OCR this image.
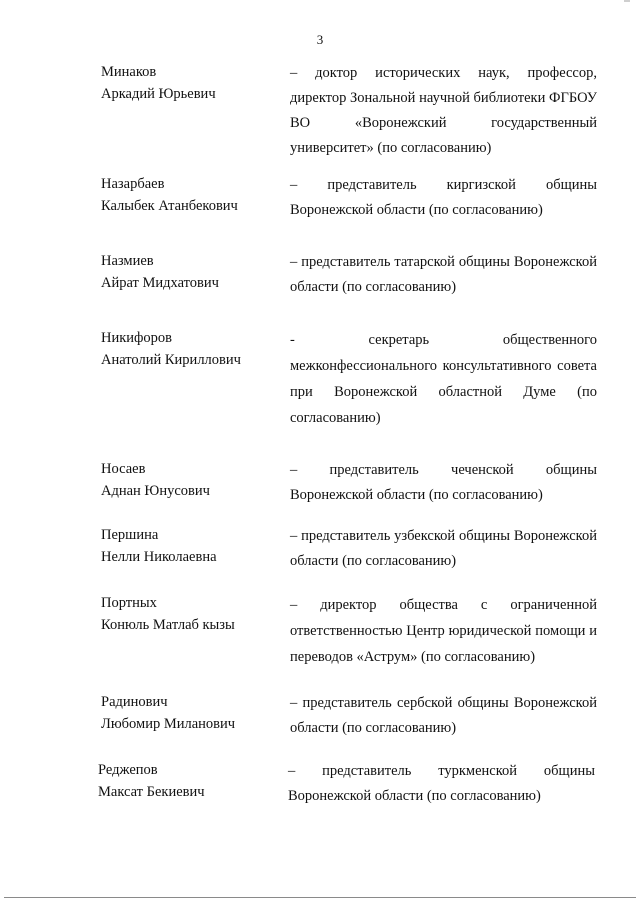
3
Минаков
Аркадий Юрьевич
– доктор исторических наук, профессор, директор Зональной научной библиотеки ФГБОУ ВО «Воронежский государственный университет» (по согласованию)
Назарбаев
Калыбек Атанбекович
– представитель киргизской общины Воронежской области (по согласованию)
Назмиев
Айрат Мидхатович
– представитель татарской общины Воронежской области (по согласованию)
Никифоров
Анатолий Кириллович
- секретарь общественного межконфессионального консультативного совета при Воронежской областной Думе (по согласованию)
Носаев
Аднан Юнусович
– представитель чеченской общины Воронежской области (по согласованию)
Першина
Нелли Николаевна
– представитель узбекской общины Воронежской области (по согласованию)
Портных
Конюль Матлаб кызы
– директор общества с ограниченной ответственностью Центр юридической помощи и переводов «Аструм» (по согласованию)
Радинович
Любомир Миланович
– представитель сербской общины Воронежской области (по согласованию)
Реджепов
Максат Бекиевич
– представитель туркменской общины Воронежской области (по согласованию)
